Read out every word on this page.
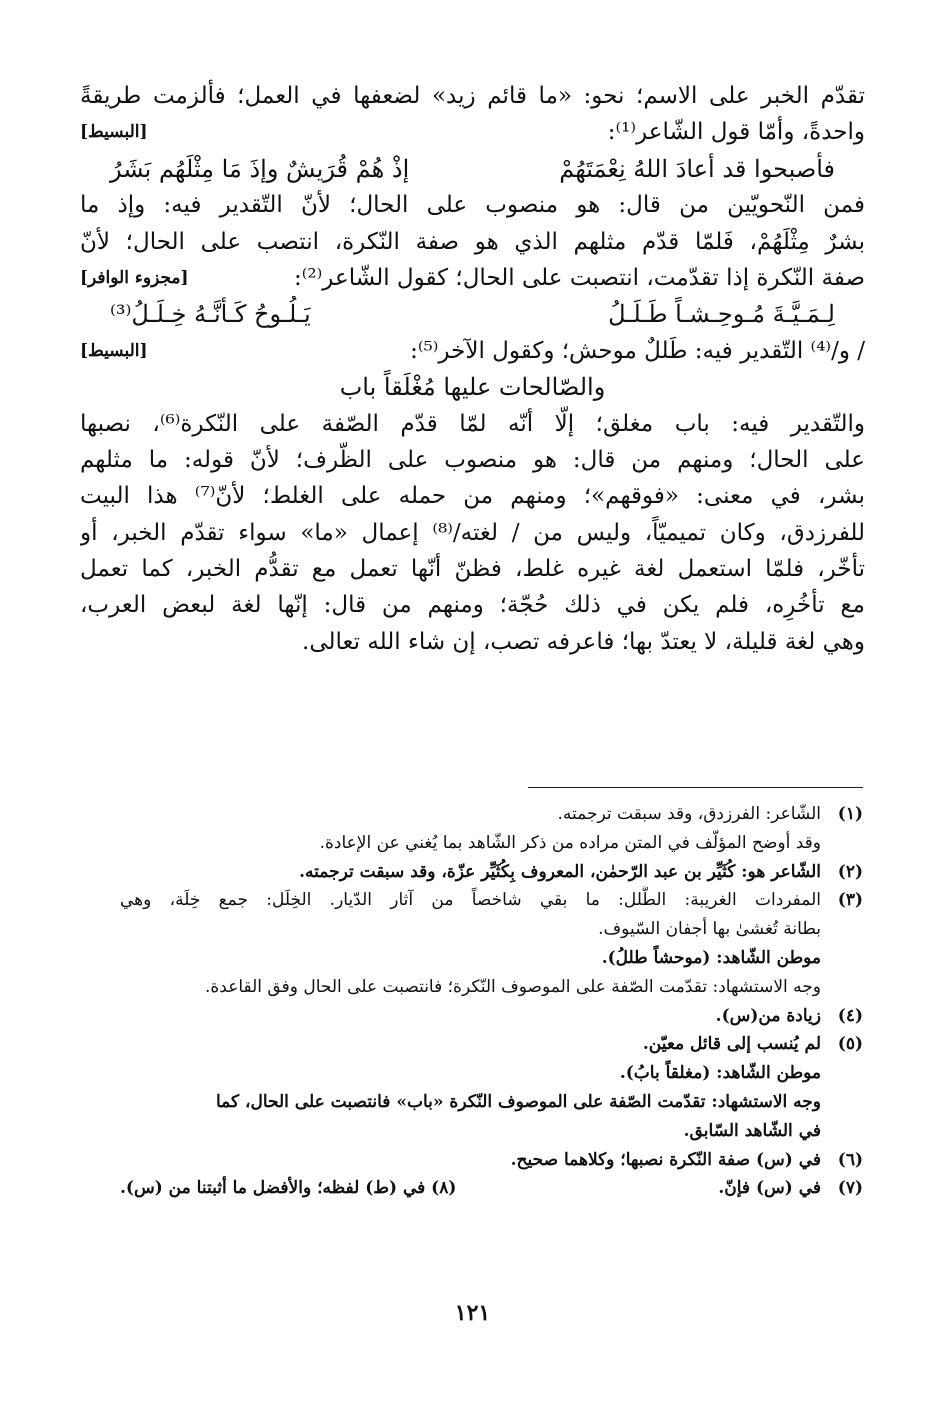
تقدّم الخبر على الاسم؛ نحو: «ما قائم زيد» لضعفها في العمل؛ فألزمت طريقةً
واحدةً، وأمّا قول الشّاعر⁽¹⁾:
[البسيط]
فأصبحوا قد أعادَ اللهُ نِعْمَتَهُمْ
إذْ هُمْ قُرَيشٌ وإذَ مَا مِثْلَهُم بَشَرُ
فمن النّحويّين من قال: هو منصوب على الحال؛ لأنّ التّقدير فيه: وإذ ما
بشرٌ مِثْلَهُمْ، فَلمّا قدّم مثلهم الذي هو صفة النّكرة، انتصب على الحال؛ لأنّ
صفة النّكرة إذا تقدّمت، انتصبت على الحال؛ كقول الشّاعر⁽²⁾:
[مجزوء الوافر]
لِـمَـيَّـةَ مُـوحِـشـاً طَـلَـلُ
يَـلُـوحُ كَـأَنَّـهُ خِـلَـلُ⁽³⁾
/ و/⁽⁴⁾ التّقدير فيه: طَللٌ موحش؛ وكقول الآخر⁽⁵⁾:
[البسيط]
والصّالحات عليها مُغْلَقاً باب
والتّقدير فيه: باب مغلق؛ إلّا أنّه لمّا قدّم الصّفة على النّكرة⁽⁶⁾، نصبها
على الحال؛ ومنهم من قال: هو منصوب على الظّرف؛ لأنّ قوله: ما مثلهم
بشر، في معنى: «فوقهم»؛ ومنهم من حمله على الغلط؛ لأنّ⁽⁷⁾ هذا البيت
للفرزدق، وكان تميميّاً، وليس من / لغته/⁽⁸⁾ إعمال «ما» سواء تقدّم الخبر، أو
تأخّر، فلمّا استعمل لغة غيره غلط، فظنّ أنّها تعمل مع تقدُّم الخبر، كما تعمل
مع تأخُرِه، فلم يكن في ذلك حُجّة؛ ومنهم من قال: إنّها لغة لبعض العرب،
وهي لغة قليلة، لا يعتدّ بها؛ فاعرفه تصب، إن شاء الله تعالى.
(١)
الشّاعر: الفرزدق، وقد سبقت ترجمته.
وقد أوضح المؤلّف في المتن مراده من ذكر الشّاهد بما يُغني عن الإعادة.
(٢)
الشّاعر هو: كُثَيِّر بن عبد الرّحمٰن، المعروف بِكُثَيِّر عزّة، وقد سبقت ترجمته.
(٣)
المفردات الغريبة: الطَّلل: ما بقي شاخصاً من آثار الدّيار. الخِلَل: جمع خِلَة، وهي
بطانة تُغشىٰ بها أجفان السّيوف.
موطن الشّاهد: (موحشاً طللُ).
وجه الاستشهاد: تقدّمت الصّفة على الموصوف النّكرة؛ فانتصبت على الحال وفق القاعدة.
(٤)
زيادة من(س).
(٥)
لم يُنسب إلى قائل معيّن.
موطن الشّاهد: (مغلقاً بابُ).
وجه الاستشهاد: تقدّمت الصّفة على الموصوف النّكرة «باب» فانتصبت على الحال، كما
في الشّاهد السّابق.
(٦)
في (س) صفة النّكرة نصبها؛ وكلاهما صحيح.
(٧)
في (س) فإنّ.
(٨) في (ط) لفظه؛ والأفضل ما أثبتنا من (س).
١٢١
